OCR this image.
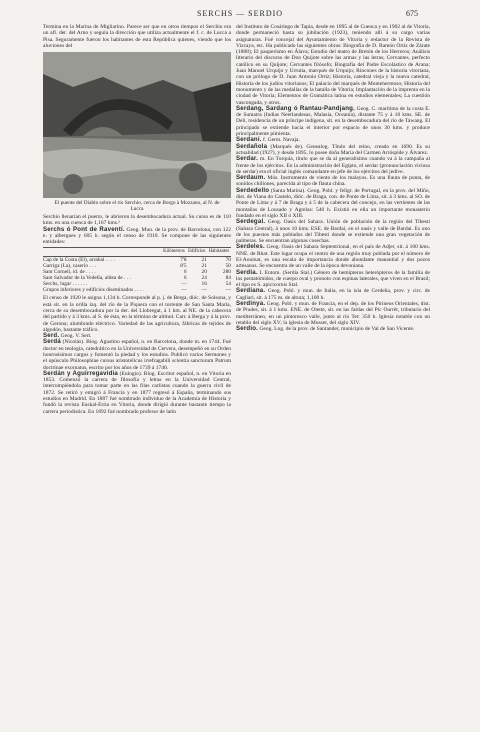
SERCHS — SERDIO	675

Termina en la Marina de Migliarino. Parece ser que en otros tiempos el Serchio era un afl. der. del Arno y seguía la dirección que utiliza actualmente el f. c. de Lucca a Pisa. Seguramente fueron los habitantes de esta República quienes, viendo que los aluviones del

El puente del Diablo sobre el río Serchio, cerca de Borgo à Mozzano, al N. de Lucca

Serchio llenarían el puerto, le abrieron la desembocadura actual. Su curso es de 110 kms. en una cuenca de 1,167 kms.²

Serchs ó Pont de Raventí. Geog. Mun. de la prov. de Barcelona, con 122 e. y albergues y 605 h. según el censo de 1910. Se compone de las siguientes entidades:

	Kilómetros	Edificios	Habitantes
Cap de la Costa (El), arrabal . . . .	7'8	21	70
Garriga (La), caserío . . .	8'5	21	50
Sant Corneli, id. de . . . .	6	20	280
Sant Salvador de la Vedella, aldea de . . .	6	24	84
Serchs, lugar . . . . . .	—	16	54
Grupos inferiores y edificios diseminados . . . .	—	—	—

El censo de 1920 le asigna 1,134 h. Corresponde al p. j. de Berga, dióc. de Solsona, y está sit. en la orilla izq. del río de la Piquera con el torrente de San Santa María, cerca de su desembocadura por la der. del Llobregat, á 1 km. al NE. de la cabecera del partido y á 3 kms. al S. de ésta, en la término de altitud. Carr. á Berga y á la prov. de Gerona; alumbrado eléctrico. Variedad de las agricultura, fábricas de tejidos de algodón, bastante tráfico.

Serd. Geog. V. Sert.

Serdá (Nicolás). Biog. Agustino español, n. en Barcelona, donde m. en 1744. Fué doctor en teología, catedrático en la Universidad de Cervera, desempeñó en su Orden honrosísimos cargos y fomentó la piedad y los estudios. Publicó varios Sermones y el opúsculo Philosophiae cursus aristotelicus irrefragabili scientia sanctorum Patrum doctrinae exornatus, escrito por los años de 1739 á 1740.

Serdán y Aguirregavidia (Eulogio). Biog. Escritor español, n. en Vitoria en 1853. Comenzó la carrera de filosofía y letras en la Universidad Central, interrumpiéndola para tomar parte en las filas carlistas cuando la guerra civil de 1872. Se retiró y emigró á Francia y en 1877 regresó á España, terminando sus estudios en Madrid. En 1887 fué nombrado individuo de la Academia de Historia y fundó la revista Euskal-Erria en Vitoria, donde dirigió durante bastante tiempo la carrera periodística. En 1892 fué nombrado profesor de latín

del Instituto de Cosáriego de Tapia, desde en 1895 al de Cuenca y en 1902 al de Vitoria, donde permaneció hasta su jubilación (1923), teniendo allí á su cargo varias asignaturas. Fué concejal del Ayuntamiento de Vitoria y redactor de la Revista de Vizcaya, etc. Ha publicado las siguientes obras: Biografía de D. Ramón Ortiz de Zárate (1888); El pauperismo en Álava; Estudio del teatro de Bretón de los Herreros; Análisis literario del discurso de Don Quijote sobre las armas y las letras; Cervantes, perfecto católico en su Quijote; Cervantes filósofo; Biografía del Padre Escolástico de Arana; Juan Manuel Urquijo y Urrutia, marqués de Urquijo; Rincones de la historia vitoriana, con un prólogo de D. Juan Antonio Ortiz; Historia, catedral vieja y la nueva catedral, Historia de los judíos vitorianos; El palacio del marqués de Montehermoso; Historia del monumento y de las medallas de la batalla de Vitoria; Implantación de la imprenta en la ciudad de Vitoria; Elementos de Gramática latina en estudios elementales; La cuestión vascongada, y otros.

Serdang, Sardang ó Rantau-Pandjang. Geog. C. marítima de la costa E. de Sumatra (Indias Neerlandesas, Malasia, Oceanía), distante 75 y á 18 kms. SE. de Deli, residencia de un príncipe indígena, sit. en la desembocadura del río de Tawang. El principado se extiende hacia el interior por espacio de unos 30 kms. y produce principalmente pimienta.

Serdaní. f. Germ. Navaja.

Serdañola (Marqués de). Genealog. Título del reino, creado en 1690. Es su actualidad (1927), y desde 1895, lo posee doña María del Carmen Arróspide y Álvarez.

Serdar. m. En Turquía, título que se da al generalísimo cuando va á la campaña al frente de los ejércitos. En la administración del Egipto, el serdar (pronunciación viciosa de serdar) era el oficial inglés comandante en jefe de los ejércitos del jedive.

Serdaum. Mús. Instrumento de viento de los malayos. Es una flauta de punta, de sonidos chillones, parecida al tipo de flauta china.

Serdedello (Santa Marina). Geog. Pobl. y feligr. de Portugal, en la prov. del Miño, dist. de Viana do Castelo, dióc. de Braga, con. de Ponte de Lima, sit. á 3 kms. al SO. de Ponte de Lima y á 7 de Braga y á 5 de la cabecera del concejo, en las vertientes de las montañas de Lousado y Agrelas: 540 h. Existió en ella un importante monasterio fundado en el siglo XII ó XIII.

Serdegal. Geog. Oasis del Sahara. Unión de población de la región del Tibesti (Sahara Central), á unos 10 kms. ESE. de Bardai, en el oasis y valle de Bardai. Es uno de los puestos más poblados del Tibesti donde se extiende una gran vegetación de palmeras. Se encuentran algunas cosechas.

Serdeles. Geog. Oasis del Sahara Septentrional, en el país de Adjer, sit. á 100 kms. NNE. de Rhat. Este lugar ocupa el centro de una región muy poblada por el número de El-Aouinat, es una escala de importancia donde abundante manantial y dos pozos artesanos. Se encuentra de un valle de la época devoniana.

Serdia. I. Entom. (Serdia Stal.) Género de hemípteros heterópteros de la familia de los pentatómidos, de cuerpo oval y pronoto con espinas laterales, que viven en el Brasil; el tipo es S. apicicornis Stal.

Serdiana. Geog. Pobl. y mun. de Italia, en la isla de Cerdeña, prov. y circ. de Cagliari, sit. á 175 m. de altura; 1,100 h.

Serdinya. Geog. Pobl. y mun. de Francia, en el dep. de los Pirineos Orientales, dist. de Prades, sit. á 1 kms. ENE. de Olette, sit. en las faldas del Pic Ourrèt, tributario del mediterráneo, en un pintoresco valle, junto al río Tet: 350 h. Iglesia notable con un retablo del siglo XV; la iglesia de Mosset, del siglo XIV.

Serdio. Geog. Log. de la prov. de Santander, municipio de Val de San Vicente.
